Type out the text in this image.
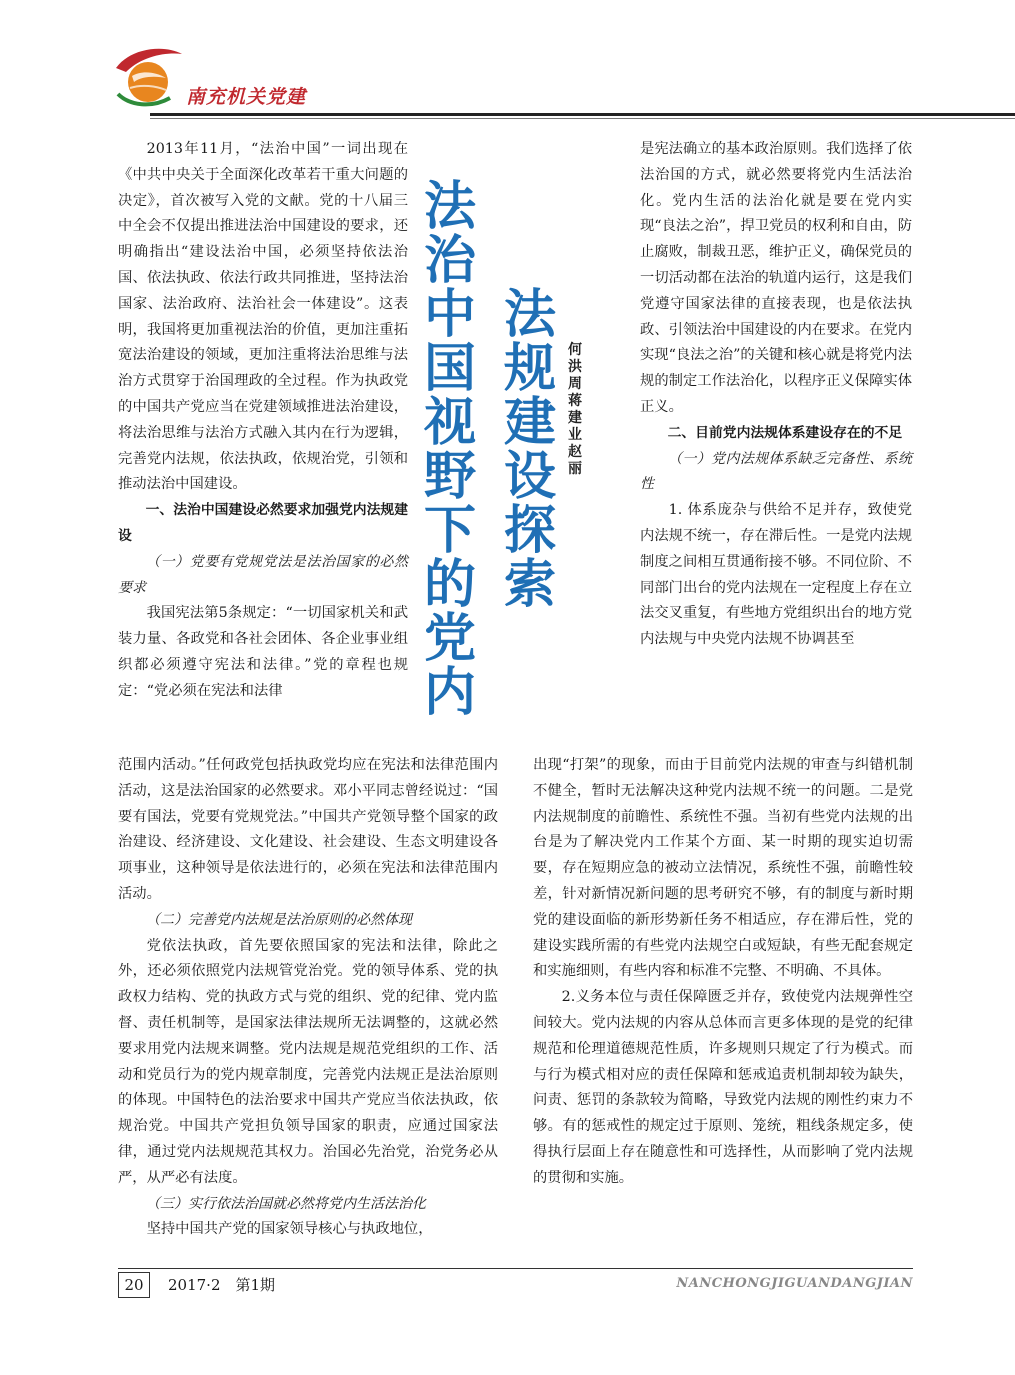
南充机关党建

2013年11月，“法治中国”一词出现在《中共中央关于全面深化改革若干重大问题的决定》，首次被写入党的文献。党的十八届三中全会不仅提出推进法治中国建设的要求，还明确指出“建设法治中国，必须坚持依法治国、依法执政、依法行政共同推进，坚持法治国家、法治政府、法治社会一体建设”。这表明，我国将更加重视法治的价值，更加注重拓宽法治建设的领域，更加注重将法治思维与法治方式贯穿于治国理政的全过程。作为执政党的中国共产党应当在党建领域推进法治建设，将法治思维与法治方式融入其内在行为逻辑，完善党内法规，依法执政，依规治党，引领和推动法治中国建设。

一、法治中国建设必然要求加强党内法规建设
（一）党要有党规党法是法治国家的必然要求

我国宪法第5条规定：“一切国家机关和武装力量、各政党和各社会团体、各企业事业组织都必须遵守宪法和法律。”党的章程也规定：“党必须在宪法和法律

法治中国视野下的党内
法规建设探索
何洪周 蒋建业 赵丽

是宪法确立的基本政治原则。我们选择了依法治国的方式，就必然要将党内生活法治化。党内生活的法治化就是要在党内实现“良法之治”，捍卫党员的权利和自由，防止腐败，制裁丑恶，维护正义，确保党员的一切活动都在法治的轨道内运行，这是我们党遵守国家法律的直接表现，也是依法执政、引领法治中国建设的内在要求。在党内实现“良法之治”的关键和核心就是将党内法规的制定工作法治化，以程序正义保障实体正义。

二、目前党内法规体系建设存在的不足
（一）党内法规体系缺乏完备性、系统性

1. 体系庞杂与供给不足并存，致使党内法规不统一，存在滞后性。一是党内法规制度之间相互贯通衔接不够。不同位阶、不同部门出台的党内法规在一定程度上存在立法交叉重复，有些地方党组织出台的地方党内法规与中央党内法规不协调甚至

范围内活动。”任何政党包括执政党均应在宪法和法律范围内活动，这是法治国家的必然要求。邓小平同志曾经说过：“国要有国法，党要有党规党法。”中国共产党领导整个国家的政治建设、经济建设、文化建设、社会建设、生态文明建设各项事业，这种领导是依法进行的，必须在宪法和法律范围内活动。

（二）完善党内法规是法治原则的必然体现

党依法执政，首先要依照国家的宪法和法律，除此之外，还必须依照党内法规管党治党。党的领导体系、党的执政权力结构、党的执政方式与党的组织、党的纪律、党内监督、责任机制等，是国家法律法规所无法调整的，这就必然要求用党内法规来调整。党内法规是规范党组织的工作、活动和党员行为的党内规章制度，完善党内法规正是法治原则的体现。中国特色的法治要求中国共产党应当依法执政，依规治党。中国共产党担负领导国家的职责，应通过国家法律，通过党内法规规范其权力。治国必先治党，治党务必从严，从严必有法度。

（三）实行依法治国就必然将党内生活法治化

坚持中国共产党的国家领导核心与执政地位，

出现“打架”的现象，而由于目前党内法规的审查与纠错机制不健全，暂时无法解决这种党内法规不统一的问题。二是党内法规制度的前瞻性、系统性不强。当初有些党内法规的出台是为了解决党内工作某个方面、某一时期的现实迫切需要，存在短期应急的被动立法情况，系统性不强，前瞻性较差，针对新情况新问题的思考研究不够，有的制度与新时期党的建设面临的新形势新任务不相适应，存在滞后性，党的建设实践所需的有些党内法规空白或短缺，有些无配套规定和实施细则，有些内容和标准不完整、不明确、不具体。

2.义务本位与责任保障匮乏并存，致使党内法规弹性空间较大。党内法规的内容从总体而言更多体现的是党的纪律规范和伦理道德规范性质，许多规则只规定了行为模式。而与行为模式相对应的责任保障和惩戒追责机制却较为缺失，问责、惩罚的条款较为简略，导致党内法规的刚性约束力不够。有的惩戒性的规定过于原则、笼统，粗线条规定多，使得执行层面上存在随意性和可选择性，从而影响了党内法规的贯彻和实施。

20	2017·2　第1期	NANCHONGJIGUANDANGJIAN
